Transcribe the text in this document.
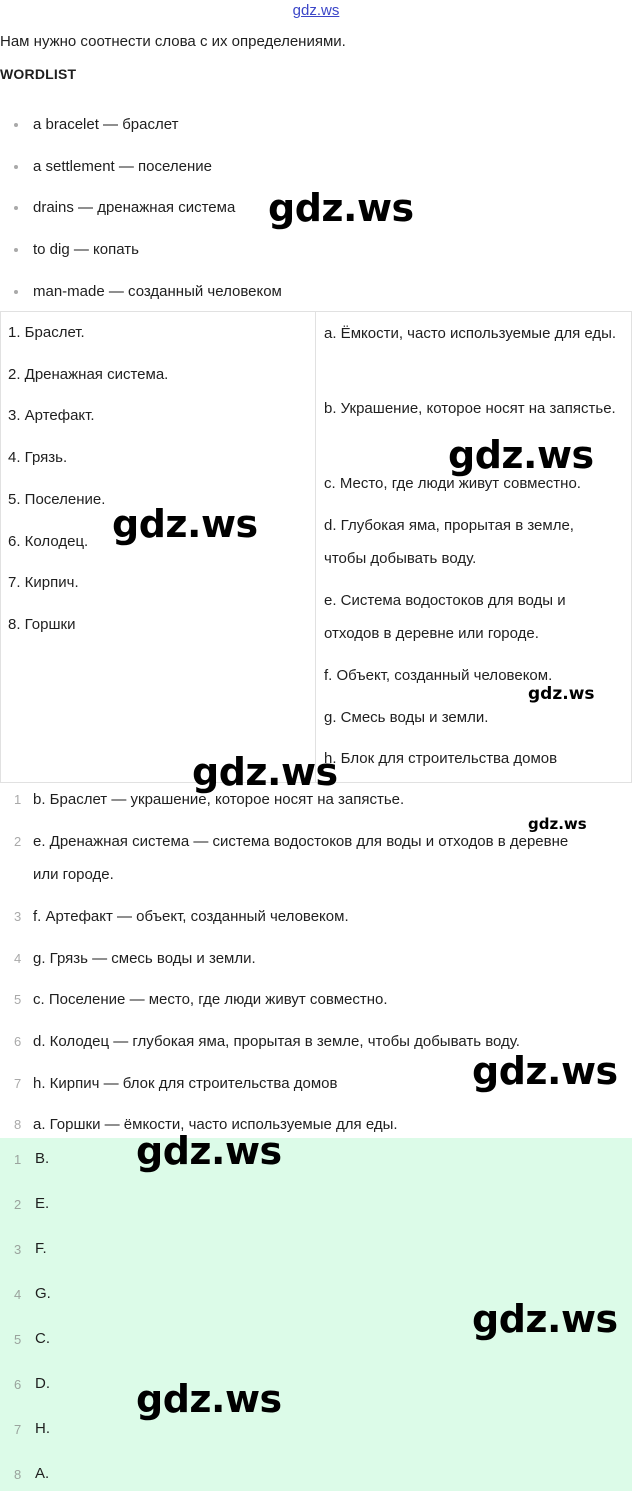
gdz.ws
Нам нужно соотнести слова с их определениями.
WORDLIST
a bracelet — браслет
a settlement — поселение
drains — дренажная система
to dig — копать
man-made — созданный человеком
1. Браслет.
2. Дренажная система.
3. Артефакт.
4. Грязь.
5. Поселение.
6. Колодец.
7. Кирпич.
8. Горшки
a. Ёмкости, часто используемые для еды.
b. Украшение, которое носят на запястье.
c. Место, где люди живут совместно.
d. Глубокая яма, прорытая в земле, чтобы добывать воду.
e. Система водостоков для воды и отходов в деревне или городе.
f. Объект, созданный человеком.
g. Смесь воды и земли.
h. Блок для строительства домов
1 b. Браслет — украшение, которое носят на запястье.
2 e. Дренажная система — система водостоков для воды и отходов в деревне или городе.
3 f. Артефакт — объект, созданный человеком.
4 g. Грязь — смесь воды и земли.
5 c. Поселение — место, где люди живут совместно.
6 d. Колодец — глубокая яма, прорытая в земле, чтобы добывать воду.
7 h. Кирпич — блок для строительства домов
8 a. Горшки — ёмкости, часто используемые для еды.
1 B.
2 E.
3 F.
4 G.
5 C.
6 D.
7 H.
8 A.
gdz.ws
gdz.ws
gdz.ws
gdz.ws
gdz.ws
gdz.ws
gdz.ws
gdz.ws
gdz.ws
gdz.ws
